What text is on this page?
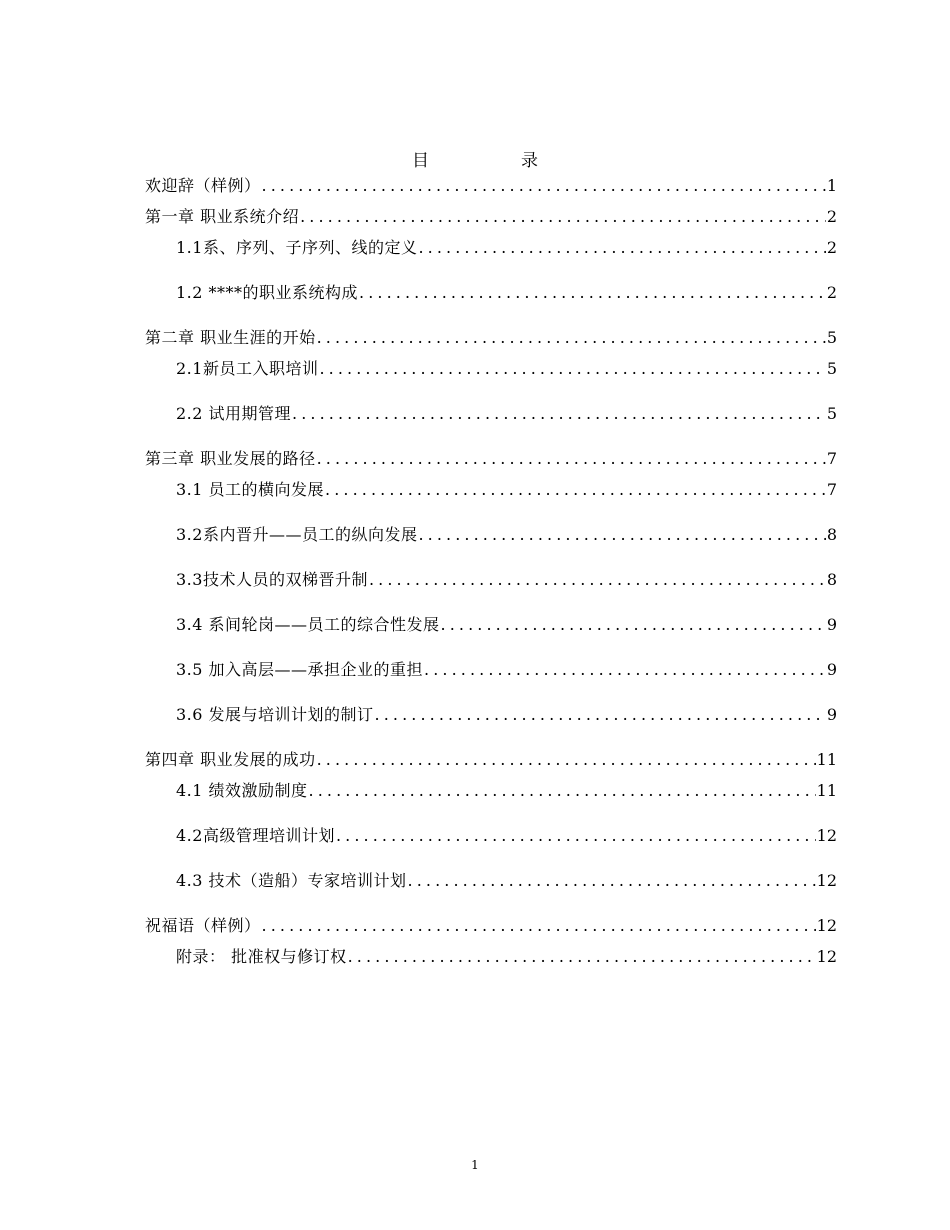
目	录
欢迎辞（样例） .....	1
第一章 职业系统介绍 .....	2
1.1系、序列、子序列、线的定义 .....	2
1.2 ****的职业系统构成 .....	2
第二章 职业生涯的开始 .....	5
2.1新员工入职培训 .....	5
2.2 试用期管理 .....	5
第三章 职业发展的路径 .....	7
3.1 员工的横向发展 .....	7
3.2系内晋升——员工的纵向发展 .....	8
3.3技术人员的双梯晋升制 .....	8
3.4 系间轮岗——员工的综合性发展 .....	9
3.5 加入高层——承担企业的重担 .....	9
3.6 发展与培训计划的制订 .....	9
第四章 职业发展的成功 .....	11
4.1 绩效激励制度 .....	11
4.2高级管理培训计划 .....	12
4.3 技术（造船）专家培训计划 .....	12
祝福语（样例） .....	12
附录： 批准权与修订权 .....	12
1
